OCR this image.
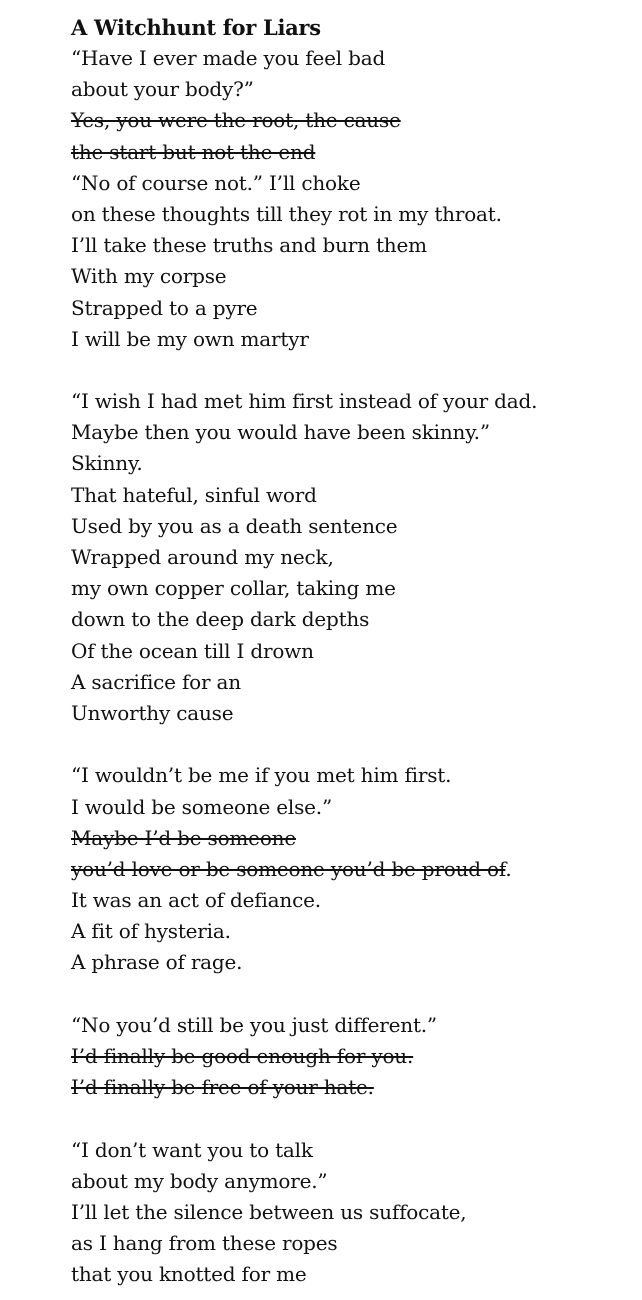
A Witchhunt for Liars
“Have I ever made you feel bad
about your body?”
Yes, you were the root, the cause
the start but not the end
“No of course not.” I’ll choke
on these thoughts till they rot in my throat.
I’ll take these truths and burn them
With my corpse
Strapped to a pyre
I will be my own martyr
“I wish I had met him first instead of your dad.
Maybe then you would have been skinny.”
Skinny.
That hateful, sinful word
Used by you as a death sentence
Wrapped around my neck,
my own copper collar, taking me
down to the deep dark depths
Of the ocean till I drown
A sacrifice for an
Unworthy cause
“I wouldn’t be me if you met him first.
I would be someone else.”
Maybe I’d be someone
you’d love or be someone you’d be proud of.
It was an act of defiance.
A fit of hysteria.
A phrase of rage.
“No you’d still be you just different.”
I’d finally be good enough for you.
I’d finally be free of your hate.
“I don’t want you to talk
about my body anymore.”
I’ll let the silence between us suffocate,
as I hang from these ropes
that you knotted for me
